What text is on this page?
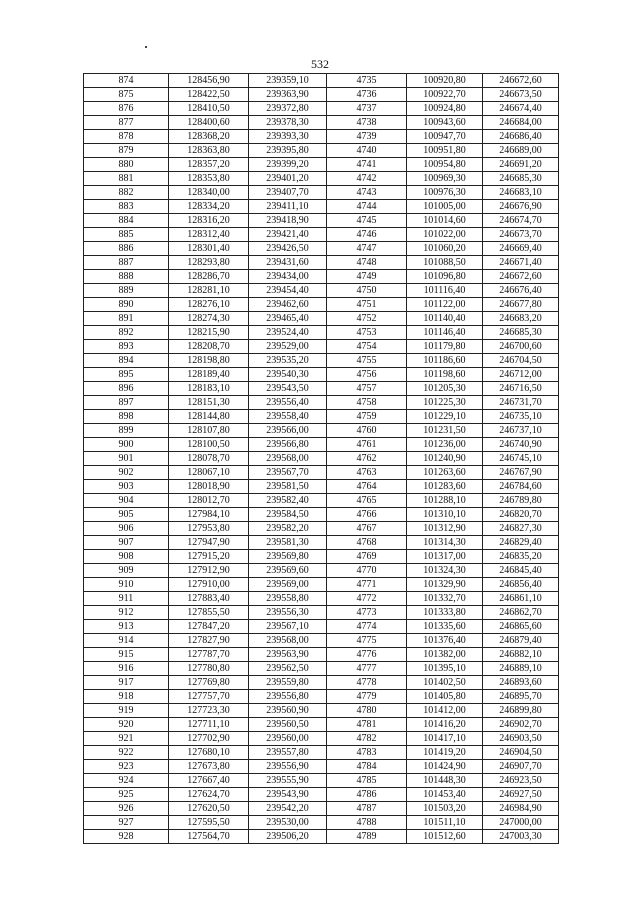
532
874	128456,90	239359,10	4735	100920,80	246672,60
875	128422,50	239363,90	4736	100922,70	246673,50
876	128410,50	239372,80	4737	100924,80	246674,40
877	128400,60	239378,30	4738	100943,60	246684,00
878	128368,20	239393,30	4739	100947,70	246686,40
879	128363,80	239395,80	4740	100951,80	246689,00
880	128357,20	239399,20	4741	100954,80	246691,20
881	128353,80	239401,20	4742	100969,30	246685,30
882	128340,00	239407,70	4743	100976,30	246683,10
883	128334,20	239411,10	4744	101005,00	246676,90
884	128316,20	239418,90	4745	101014,60	246674,70
885	128312,40	239421,40	4746	101022,00	246673,70
886	128301,40	239426,50	4747	101060,20	246669,40
887	128293,80	239431,60	4748	101088,50	246671,40
888	128286,70	239434,00	4749	101096,80	246672,60
889	128281,10	239454,40	4750	101116,40	246676,40
890	128276,10	239462,60	4751	101122,00	246677,80
891	128274,30	239465,40	4752	101140,40	246683,20
892	128215,90	239524,40	4753	101146,40	246685,30
893	128208,70	239529,00	4754	101179,80	246700,60
894	128198,80	239535,20	4755	101186,60	246704,50
895	128189,40	239540,30	4756	101198,60	246712,00
896	128183,10	239543,50	4757	101205,30	246716,50
897	128151,30	239556,40	4758	101225,30	246731,70
898	128144,80	239558,40	4759	101229,10	246735,10
899	128107,80	239566,00	4760	101231,50	246737,10
900	128100,50	239566,80	4761	101236,00	246740,90
901	128078,70	239568,00	4762	101240,90	246745,10
902	128067,10	239567,70	4763	101263,60	246767,90
903	128018,90	239581,50	4764	101283,60	246784,60
904	128012,70	239582,40	4765	101288,10	246789,80
905	127984,10	239584,50	4766	101310,10	246820,70
906	127953,80	239582,20	4767	101312,90	246827,30
907	127947,90	239581,30	4768	101314,30	246829,40
908	127915,20	239569,80	4769	101317,00	246835,20
909	127912,90	239569,60	4770	101324,30	246845,40
910	127910,00	239569,00	4771	101329,90	246856,40
911	127883,40	239558,80	4772	101332,70	246861,10
912	127855,50	239556,30	4773	101333,80	246862,70
913	127847,20	239567,10	4774	101335,60	246865,60
914	127827,90	239568,00	4775	101376,40	246879,40
915	127787,70	239563,90	4776	101382,00	246882,10
916	127780,80	239562,50	4777	101395,10	246889,10
917	127769,80	239559,80	4778	101402,50	246893,60
918	127757,70	239556,80	4779	101405,80	246895,70
919	127723,30	239560,90	4780	101412,00	246899,80
920	127711,10	239560,50	4781	101416,20	246902,70
921	127702,90	239560,00	4782	101417,10	246903,50
922	127680,10	239557,80	4783	101419,20	246904,50
923	127673,80	239556,90	4784	101424,90	246907,70
924	127667,40	239555,90	4785	101448,30	246923,50
925	127624,70	239543,90	4786	101453,40	246927,50
926	127620,50	239542,20	4787	101503,20	246984,90
927	127595,50	239530,00	4788	101511,10	247000,00
928	127564,70	239506,20	4789	101512,60	247003,30
